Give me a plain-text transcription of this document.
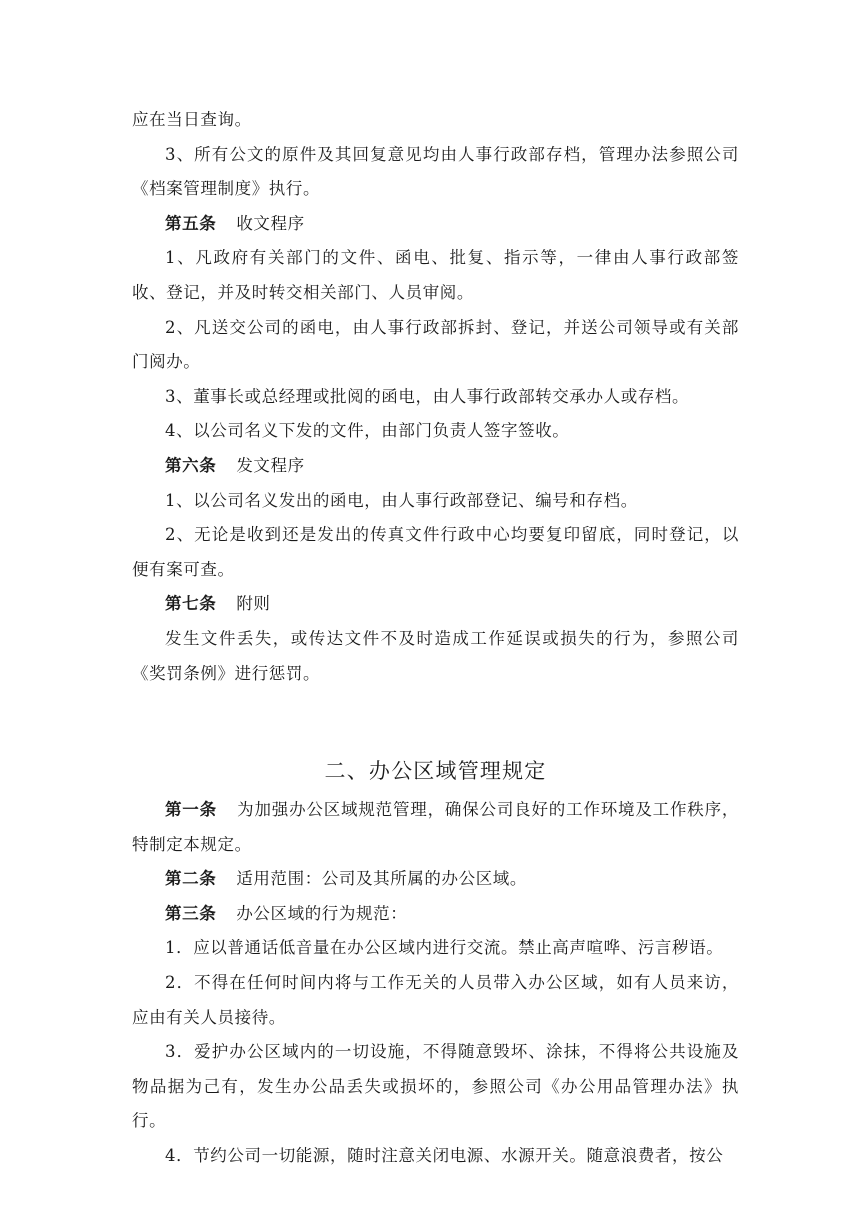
应在当日查询。

3、所有公文的原件及其回复意见均由人事行政部存档，管理办法参照公司《档案管理制度》执行。

第五条 收文程序

1、凡政府有关部门的文件、函电、批复、指示等，一律由人事行政部签收、登记，并及时转交相关部门、人员审阅。

2、凡送交公司的函电，由人事行政部拆封、登记，并送公司领导或有关部门阅办。

3、董事长或总经理或批阅的函电，由人事行政部转交承办人或存档。

4、以公司名义下发的文件，由部门负责人签字签收。

第六条 发文程序

1、以公司名义发出的函电，由人事行政部登记、编号和存档。

2、无论是收到还是发出的传真文件行政中心均要复印留底，同时登记，以便有案可查。

第七条 附则

发生文件丢失，或传达文件不及时造成工作延误或损失的行为，参照公司《奖罚条例》进行惩罚。

二、办公区域管理规定

第一条 为加强办公区域规范管理，确保公司良好的工作环境及工作秩序，特制定本规定。

第二条 适用范围：公司及其所属的办公区域。

第三条 办公区域的行为规范：

1．应以普通话低音量在办公区域内进行交流。禁止高声喧哗、污言秽语。

2．不得在任何时间内将与工作无关的人员带入办公区域，如有人员来访，应由有关人员接待。

3．爱护办公区域内的一切设施，不得随意毁坏、涂抹，不得将公共设施及物品据为己有，发生办公品丢失或损坏的，参照公司《办公用品管理办法》执行。

4．节约公司一切能源，随时注意关闭电源、水源开关。随意浪费者，按公
